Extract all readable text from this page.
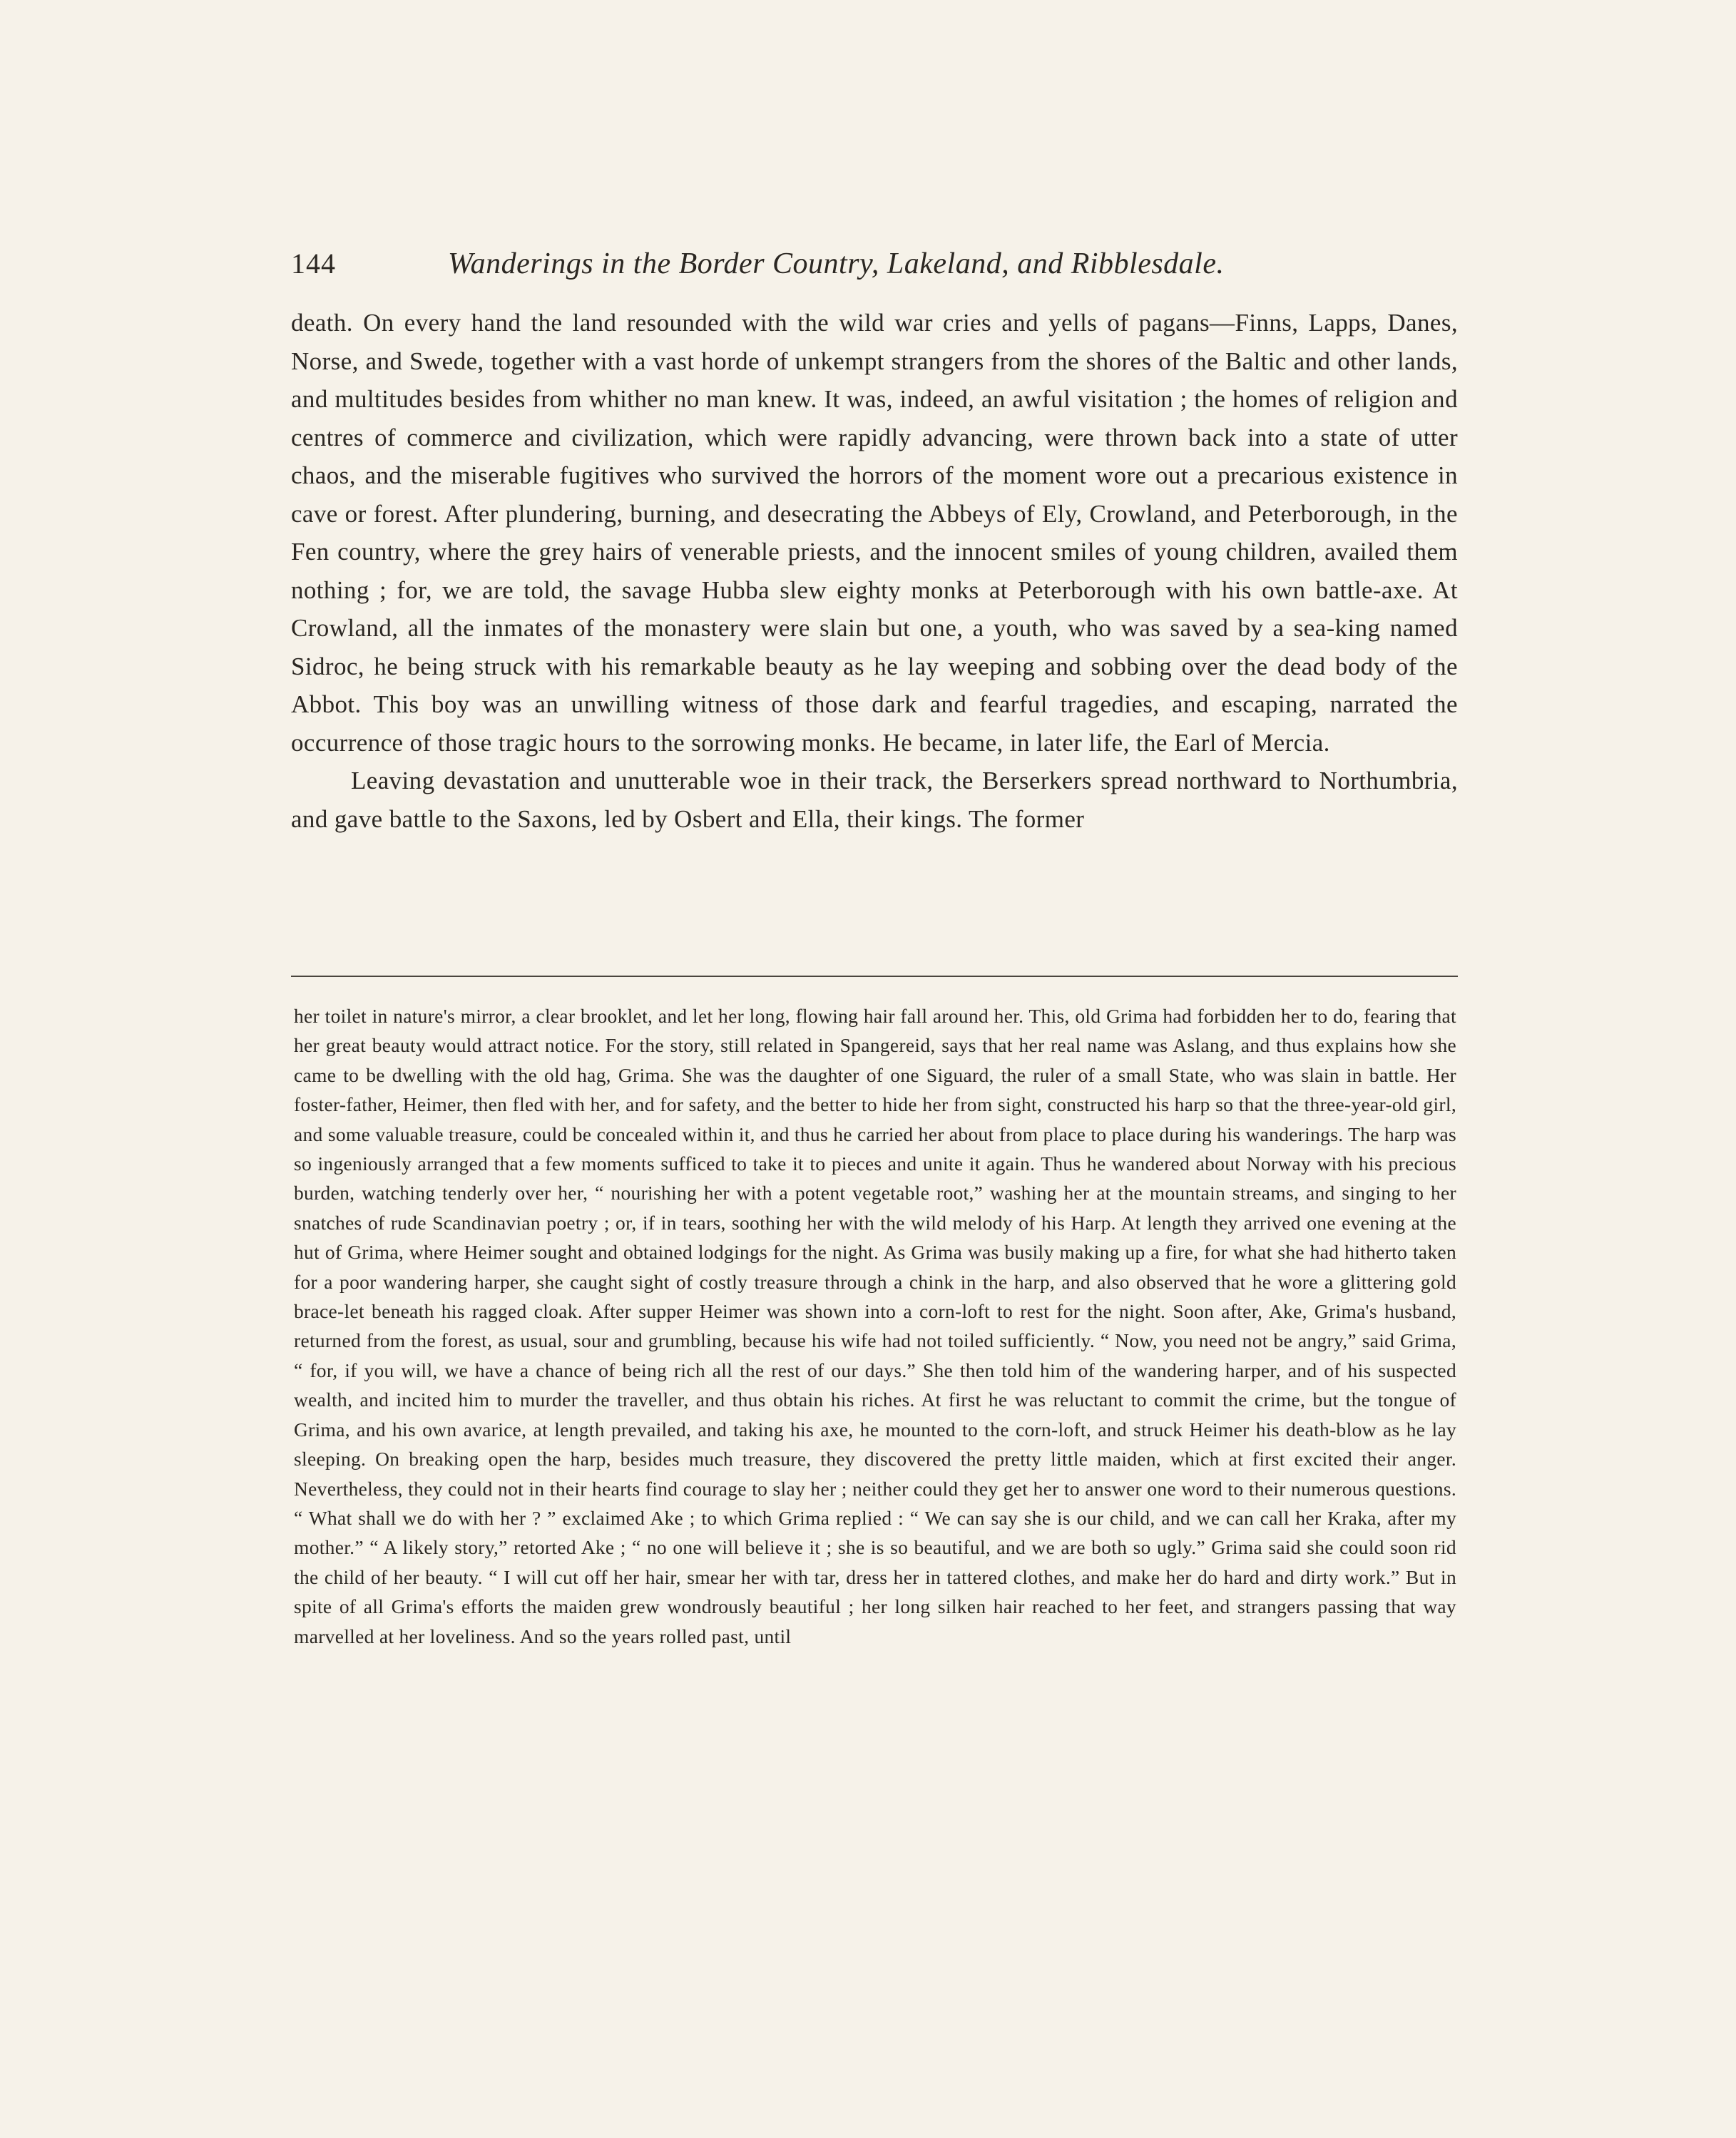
144	Wanderings in the Border Country, Lakeland, and Ribblesdale.

death. On every hand the land resounded with the wild war cries and yells of pagans—Finns, Lapps, Danes, Norse, and Swede, together with a vast horde of unkempt strangers from the shores of the Baltic and other lands, and multitudes besides from whither no man knew. It was, indeed, an awful visitation ; the homes of religion and centres of commerce and civilization, which were rapidly advancing, were thrown back into a state of utter chaos, and the miserable fugitives who survived the horrors of the moment wore out a precarious existence in cave or forest. After plundering, burning, and desecrating the Abbeys of Ely, Crowland, and Peterborough, in the Fen country, where the grey hairs of venerable priests, and the innocent smiles of young children, availed them nothing ; for, we are told, the savage Hubba slew eighty monks at Peterborough with his own battle-axe. At Crowland, all the inmates of the monastery were slain but one, a youth, who was saved by a sea-king named Sidroc, he being struck with his remarkable beauty as he lay weeping and sobbing over the dead body of the Abbot. This boy was an unwilling witness of those dark and fearful tragedies, and escaping, narrated the occurrence of those tragic hours to the sorrowing monks. He became, in later life, the Earl of Mercia.

Leaving devastation and unutterable woe in their track, the Berserkers spread northward to Northumbria, and gave battle to the Saxons, led by Osbert and Ella, their kings. The former

her toilet in nature's mirror, a clear brooklet, and let her long, flowing hair fall around her. This, old Grima had forbidden her to do, fearing that her great beauty would attract notice. For the story, still related in Spangereid, says that her real name was Aslang, and thus explains how she came to be dwelling with the old hag, Grima. She was the daughter of one Siguard, the ruler of a small State, who was slain in battle. Her foster-father, Heimer, then fled with her, and for safety, and the better to hide her from sight, constructed his harp so that the three-year-old girl, and some valuable treasure, could be concealed within it, and thus he carried her about from place to place during his wanderings. The harp was so ingeniously arranged that a few moments sufficed to take it to pieces and unite it again. Thus he wandered about Norway with his precious burden, watching tenderly over her, “ nourishing her with a potent vegetable root,” washing her at the mountain streams, and singing to her snatches of rude Scandinavian poetry ; or, if in tears, soothing her with the wild melody of his Harp. At length they arrived one evening at the hut of Grima, where Heimer sought and obtained lodgings for the night. As Grima was busily making up a fire, for what she had hitherto taken for a poor wandering harper, she caught sight of costly treasure through a chink in the harp, and also observed that he wore a glittering gold brace-let beneath his ragged cloak. After supper Heimer was shown into a corn-loft to rest for the night. Soon after, Ake, Grima's husband, returned from the forest, as usual, sour and grumbling, because his wife had not toiled sufficiently. “ Now, you need not be angry,” said Grima, “ for, if you will, we have a chance of being rich all the rest of our days.” She then told him of the wandering harper, and of his suspected wealth, and incited him to murder the traveller, and thus obtain his riches. At first he was reluctant to commit the crime, but the tongue of Grima, and his own avarice, at length prevailed, and taking his axe, he mounted to the corn-loft, and struck Heimer his death-blow as he lay sleeping. On breaking open the harp, besides much treasure, they discovered the pretty little maiden, which at first excited their anger. Nevertheless, they could not in their hearts find courage to slay her ; neither could they get her to answer one word to their numerous questions. “ What shall we do with her ? ” exclaimed Ake ; to which Grima replied : “ We can say she is our child, and we can call her Kraka, after my mother.” “ A likely story,” retorted Ake ; “ no one will believe it ; she is so beautiful, and we are both so ugly.” Grima said she could soon rid the child of her beauty. “ I will cut off her hair, smear her with tar, dress her in tattered clothes, and make her do hard and dirty work.” But in spite of all Grima's efforts the maiden grew wondrously beautiful ; her long silken hair reached to her feet, and strangers passing that way marvelled at her loveliness. And so the years rolled past, until
